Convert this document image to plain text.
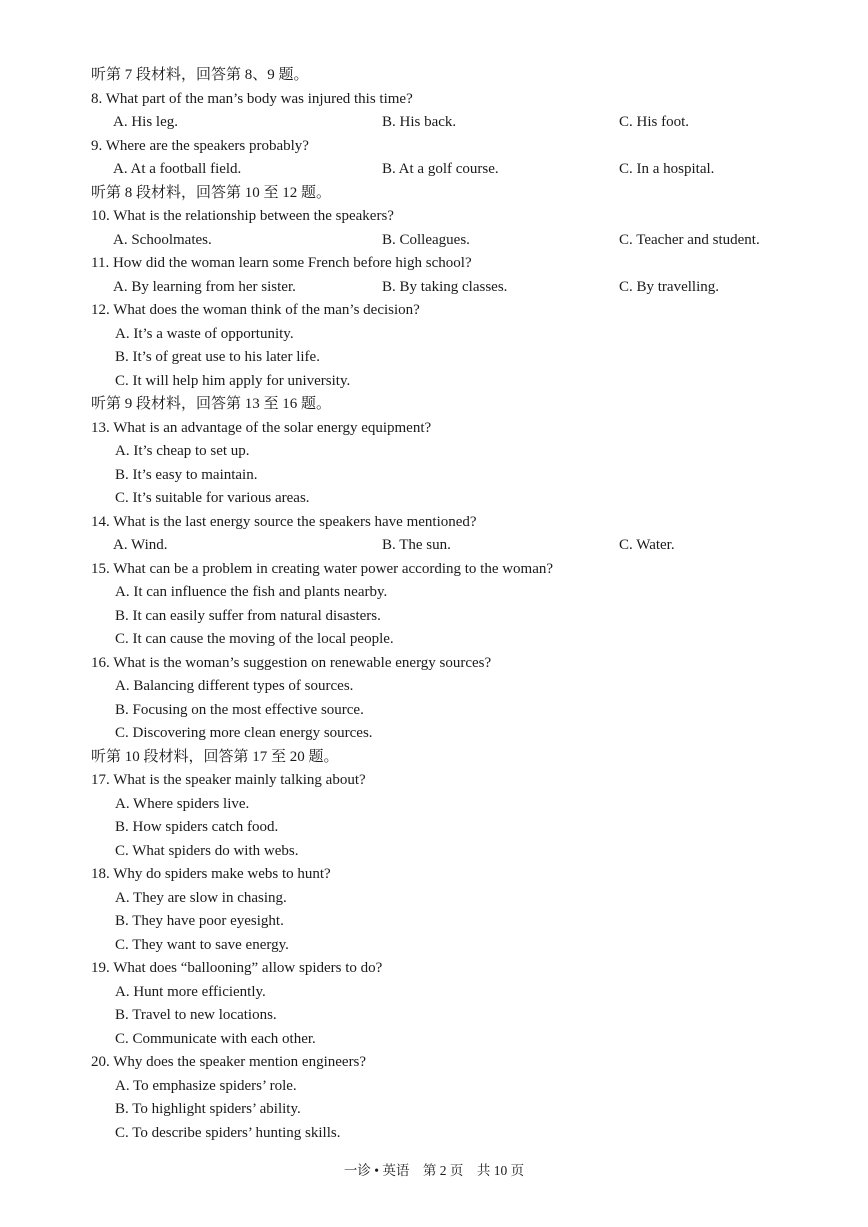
听第 7 段材料，回答第 8、9 题。
8. What part of the man’s body was injured this time?
A. His leg.	B. His back.	C. His foot.
9. Where are the speakers probably?
A. At a football field.	B. At a golf course.	C. In a hospital.
听第 8 段材料，回答第 10 至 12 题。
10. What is the relationship between the speakers?
A. Schoolmates.	B. Colleagues.	C. Teacher and student.
11. How did the woman learn some French before high school?
A. By learning from her sister.	B. By taking classes.	C. By travelling.
12. What does the woman think of the man’s decision?
A. It’s a waste of opportunity.
B. It’s of great use to his later life.
C. It will help him apply for university.
听第 9 段材料，回答第 13 至 16 题。
13. What is an advantage of the solar energy equipment?
A. It’s cheap to set up.
B. It’s easy to maintain.
C. It’s suitable for various areas.
14. What is the last energy source the speakers have mentioned?
A. Wind.	B. The sun.	C. Water.
15. What can be a problem in creating water power according to the woman?
A. It can influence the fish and plants nearby.
B. It can easily suffer from natural disasters.
C. It can cause the moving of the local people.
16. What is the woman’s suggestion on renewable energy sources?
A. Balancing different types of sources.
B. Focusing on the most effective source.
C. Discovering more clean energy sources.
听第 10 段材料，回答第 17 至 20 题。
17. What is the speaker mainly talking about?
A. Where spiders live.
B. How spiders catch food.
C. What spiders do with webs.
18. Why do spiders make webs to hunt?
A. They are slow in chasing.
B. They have poor eyesight.
C. They want to save energy.
19. What does “ballooning” allow spiders to do?
A. Hunt more efficiently.
B. Travel to new locations.
C. Communicate with each other.
20. Why does the speaker mention engineers?
A. To emphasize spiders’ role.
B. To highlight spiders’ ability.
C. To describe spiders’ hunting skills.
一诊 • 英语　第 2 页　共 10 页
